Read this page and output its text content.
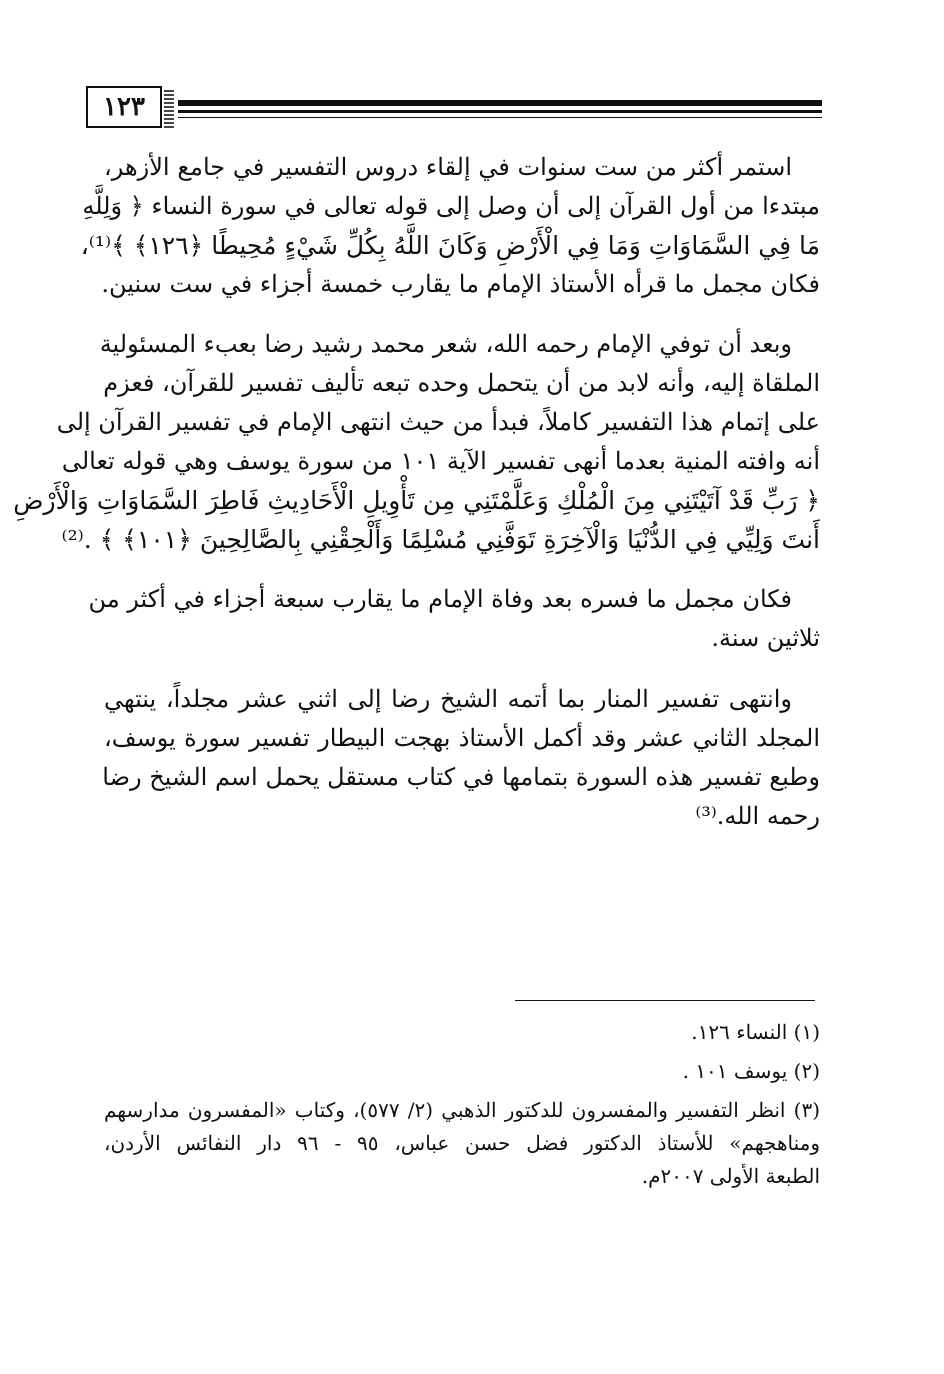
١٢٣
استمر أكثر من ست سنوات في إلقاء دروس التفسير في جامع الأزهر،
مبتدءا من أول القرآن إلى أن وصل إلى قوله تعالى في سورة النساء ﴿ وَلِلَّهِ
مَا فِي السَّمَاوَاتِ وَمَا فِي الْأَرْضِ وَكَانَ اللَّهُ بِكُلِّ شَيْءٍ مُحِيطًا ﴿١٢٦﴾ ﴾⁽¹⁾،
فكان مجمل ما قرأه الأستاذ الإمام ما يقارب خمسة أجزاء في ست سنين.
وبعد أن توفي الإمام رحمه الله، شعر محمد رشيد رضا بعبء المسئولية
الملقاة إليه، وأنه لابد من أن يتحمل وحده تبعه تأليف تفسير للقرآن، فعزم
على إتمام هذا التفسير كاملاً، فبدأ من حيث انتهى الإمام في تفسير القرآن إلى
أنه وافته المنية بعدما أنهى تفسير الآية ١٠١ من سورة يوسف وهي قوله تعالى
﴿ رَبِّ قَدْ آتَيْتَنِي مِنَ الْمُلْكِ وَعَلَّمْتَنِي مِن تَأْوِيلِ الْأَحَادِيثِ فَاطِرَ السَّمَاوَاتِ وَالْأَرْضِ
أَنتَ وَلِيِّي فِي الدُّنْيَا وَالْآخِرَةِ تَوَفَّنِي مُسْلِمًا وَأَلْحِقْنِي بِالصَّالِحِينَ ﴿١٠١﴾ ﴾ .⁽²⁾
فكان مجمل ما فسره بعد وفاة الإمام ما يقارب سبعة أجزاء في أكثر من
ثلاثين سنة.
وانتهى تفسير المنار بما أتمه الشيخ رضا إلى اثني عشر مجلداً، ينتهي
المجلد الثاني عشر وقد أكمل الأستاذ بهجت البيطار تفسير سورة يوسف،
وطبع تفسير هذه السورة بتمامها في كتاب مستقل يحمل اسم الشيخ رضا
رحمه الله.⁽³⁾
(١) النساء ١٢٦.
(٢) يوسف ١٠١ .
(٣) انظر التفسير والمفسرون للدكتور الذهبي (٢/ ٥٧٧)، وكتاب «المفسرون مدارسهم
ومناهجهم» للأستاذ الدكتور فضل حسن عباس، ٩٥ - ٩٦ دار النفائس الأردن،
الطبعة الأولى ٢٠٠٧م.
